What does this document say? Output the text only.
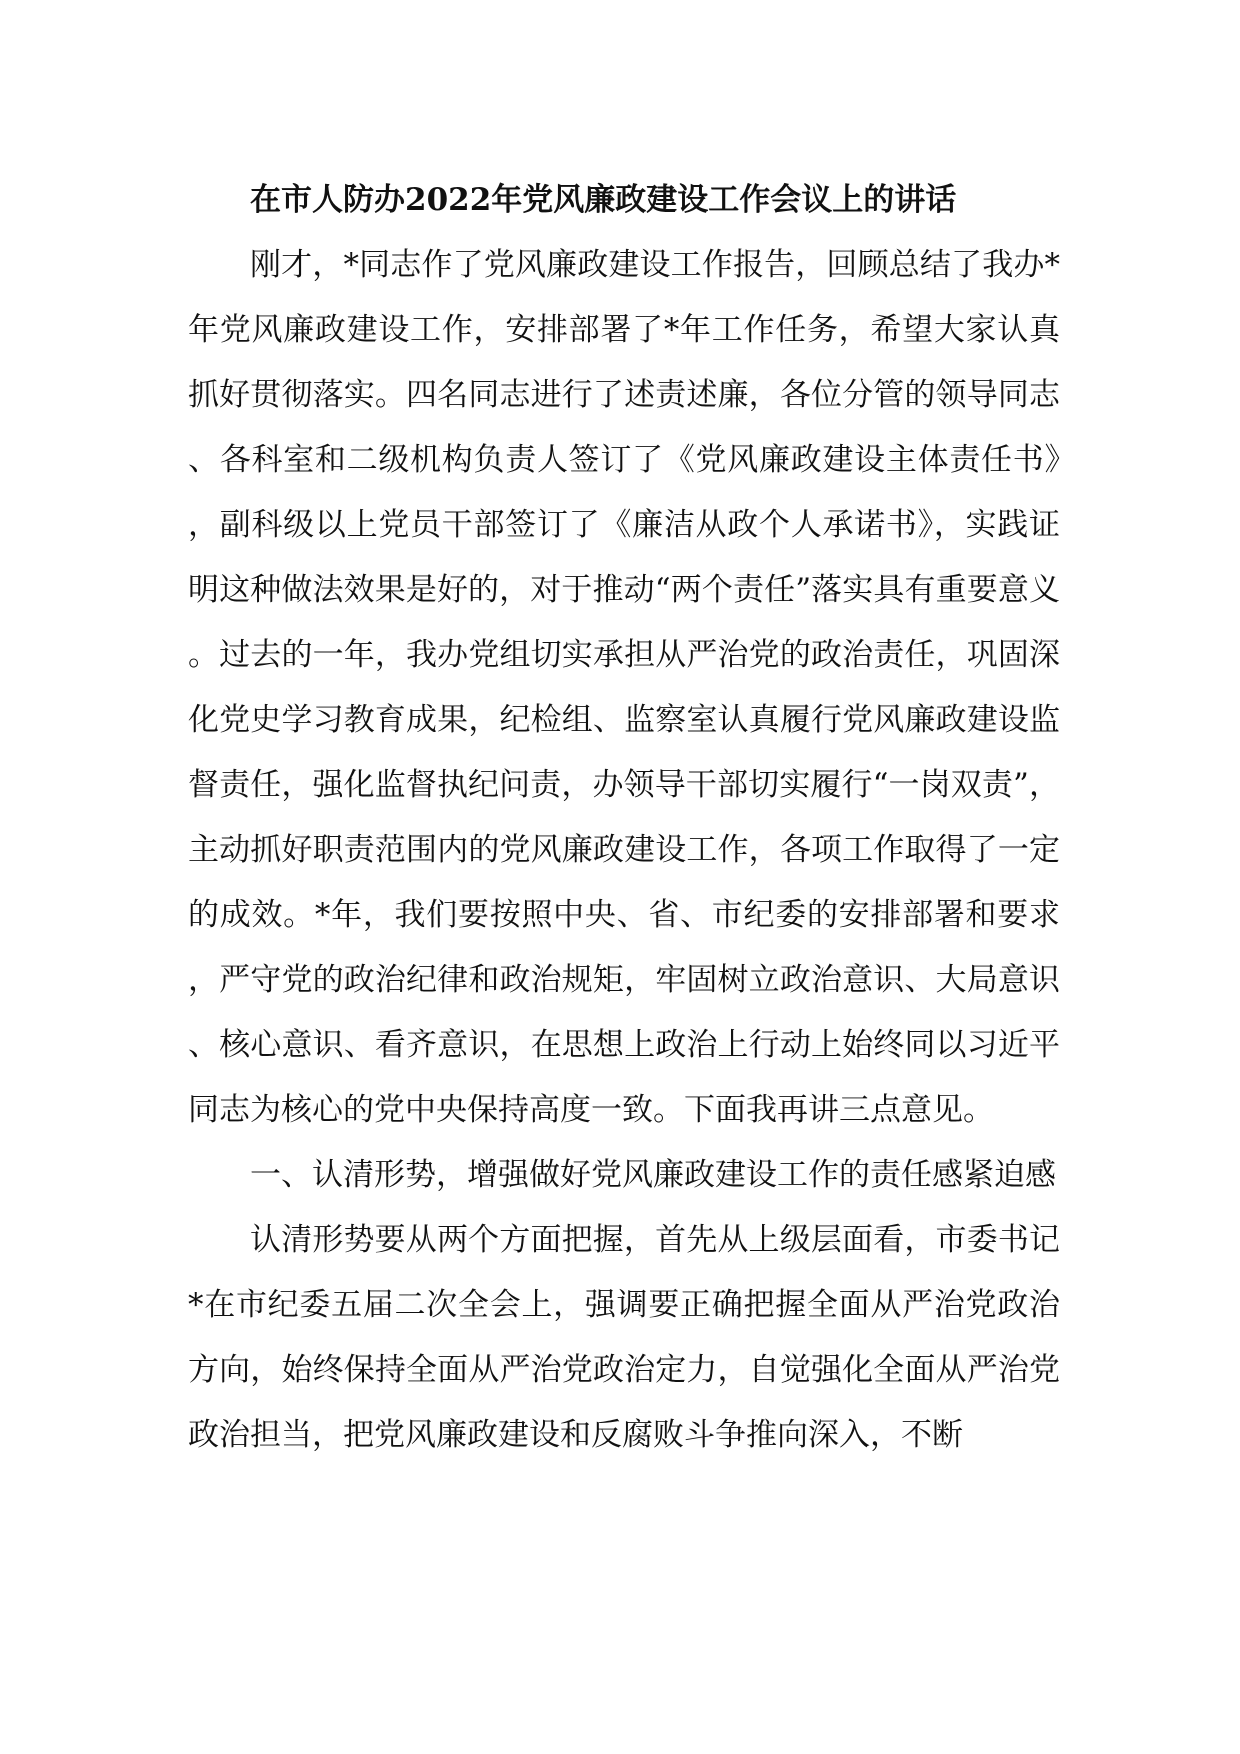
在市人防办2022年党风廉政建设工作会议上的讲话

刚才，*同志作了党风廉政建设工作报告，回顾总结了我办*年党风廉政建设工作，安排部署了*年工作任务，希望大家认真抓好贯彻落实。四名同志进行了述责述廉，各位分管的领导同志、各科室和二级机构负责人签订了《党风廉政建设主体责任书》，副科级以上党员干部签订了《廉洁从政个人承诺书》，实践证明这种做法效果是好的，对于推动“两个责任”落实具有重要意义。过去的一年，我办党组切实承担从严治党的政治责任，巩固深化党史学习教育成果，纪检组、监察室认真履行党风廉政建设监督责任，强化监督执纪问责，办领导干部切实履行“一岗双责”，主动抓好职责范围内的党风廉政建设工作，各项工作取得了一定的成效。*年，我们要按照中央、省、市纪委的安排部署和要求，严守党的政治纪律和政治规矩，牢固树立政治意识、大局意识、核心意识、看齐意识，在思想上政治上行动上始终同以习近平同志为核心的党中央保持高度一致。下面我再讲三点意见。

一、认清形势，增强做好党风廉政建设工作的责任感紧迫感

认清形势要从两个方面把握，首先从上级层面看，市委书记*在市纪委五届二次全会上，强调要正确把握全面从严治党政治方向，始终保持全面从严治党政治定力，自觉强化全面从严治党政治担当，把党风廉政建设和反腐败斗争推向深入，不断
